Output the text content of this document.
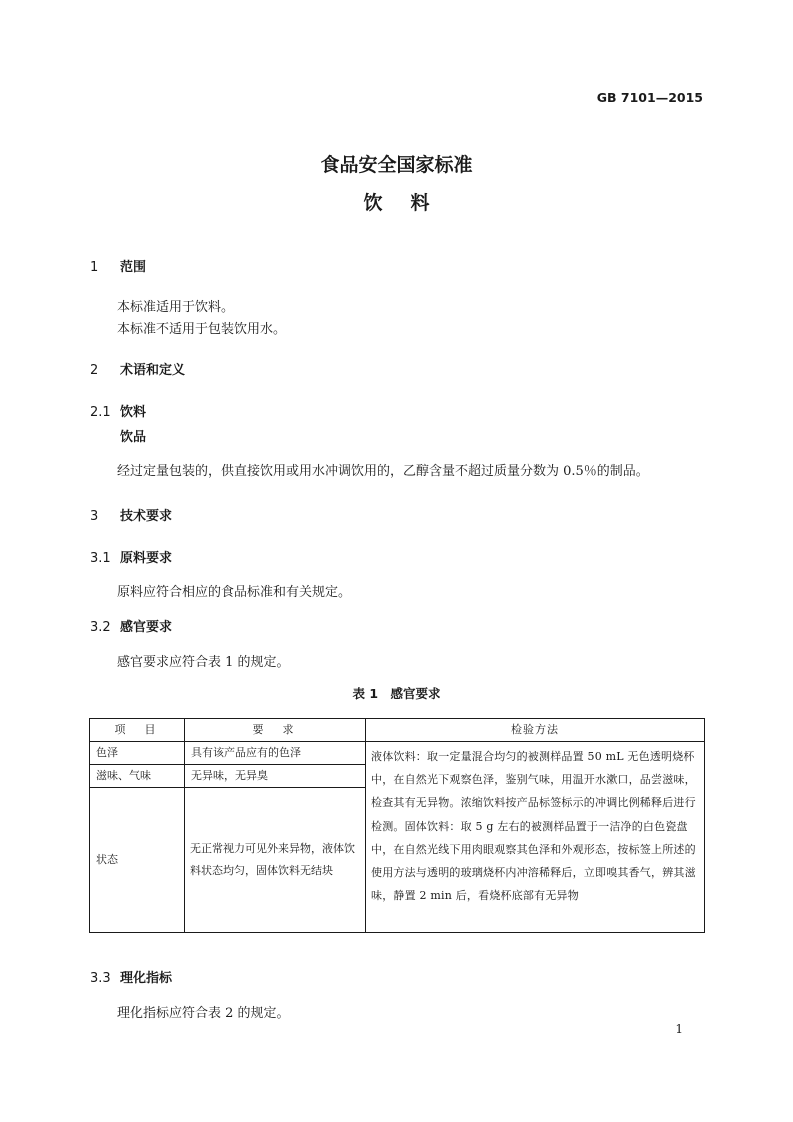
GB 7101—2015
食品安全国家标准
饮料
1 范围
本标准适用于饮料。
本标准不适用于包装饮用水。
2 术语和定义
2.1 饮料
饮品
经过定量包装的，供直接饮用或用水冲调饮用的，乙醇含量不超过质量分数为 0.5％的制品。
3 技术要求
3.1 原料要求
原料应符合相应的食品标准和有关规定。
3.2 感官要求
感官要求应符合表 1 的规定。
表 1　感官要求
项　目	要　求	检验方法
色泽	具有该产品应有的色泽	液体饮料：取一定量混合均匀的被测样品置 50 mL 无色透明烧杯中，在自然光下观察色泽，鉴别气味，用温开水漱口，品尝滋味，检查其有无异物。浓缩饮料按产品标签标示的冲调比例稀释后进行检测。固体饮料：取 5 g 左右的被测样品置于一洁净的白色瓷盘中，在自然光线下用肉眼观察其色泽和外观形态，按标签上所述的使用方法与透明的玻璃烧杯内冲溶稀释后，立即嗅其香气，辨其滋味，静置 2 min 后，看烧杯底部有无异物
滋味、气味	无异味，无异臭	
状态	无正常视力可见外来异物，液体饮料状态均匀，固体饮料无结块	
3.3 理化指标
理化指标应符合表 2 的规定。
1
